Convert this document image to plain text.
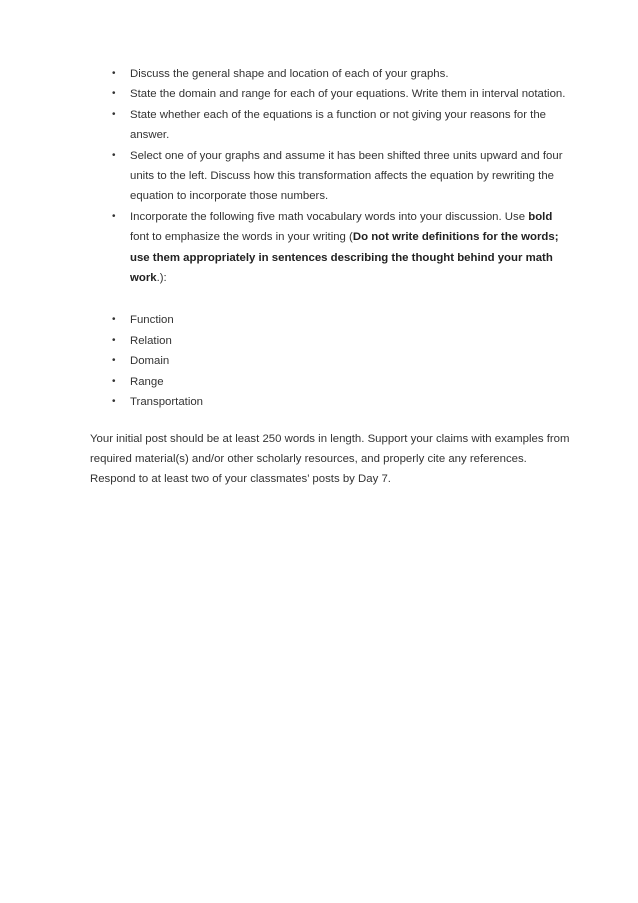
• Discuss the general shape and location of each of your graphs.
• State the domain and range for each of your equations. Write them in interval notation.
• State whether each of the equations is a function or not giving your reasons for the answer.
• Select one of your graphs and assume it has been shifted three units upward and four units to the left. Discuss how this transformation affects the equation by rewriting the equation to incorporate those numbers.
• Incorporate the following five math vocabulary words into your discussion. Use bold font to emphasize the words in your writing (Do not write definitions for the words; use them appropriately in sentences describing the thought behind your math work.):
• Function
• Relation
• Domain
• Range
• Transportation

Your initial post should be at least 250 words in length. Support your claims with examples from required material(s) and/or other scholarly resources, and properly cite any references.

Respond to at least two of your classmates’ posts by Day 7.
